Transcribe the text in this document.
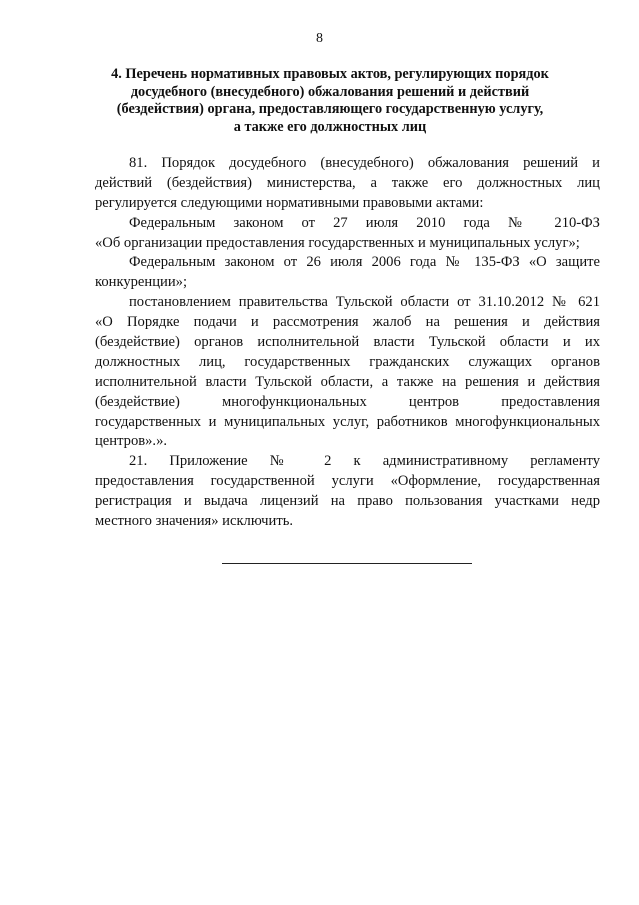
8
4. Перечень нормативных правовых актов, регулирующих порядок
досудебного (внесудебного) обжалования решений и действий
(бездействия) органа, предоставляющего государственную услугу,
а также его должностных лиц
81. Порядок досудебного (внесудебного) обжалования решений и
действий (бездействия) министерства, а также его должностных лиц
регулируется следующими нормативными правовыми актами:
Федеральным законом от 27 июля 2010 года № 210-ФЗ
«Об организации предоставления государственных и муниципальных услуг»;
Федеральным законом от 26 июля 2006 года № 135-ФЗ «О защите
конкуренции»;
постановлением правительства Тульской области от 31.10.2012 № 621
«О Порядке подачи и рассмотрения жалоб на решения и действия
(бездействие) органов исполнительной власти Тульской области и их
должностных лиц, государственных гражданских служащих органов
исполнительной власти Тульской области, а также на решения и действия
(бездействие) многофункциональных центров предоставления
государственных и муниципальных услуг, работников многофункциональных
центров».».
21. Приложение № 2 к административному регламенту
предоставления государственной услуги «Оформление, государственная
регистрация и выдача лицензий на право пользования участками недр
местного значения» исключить.
